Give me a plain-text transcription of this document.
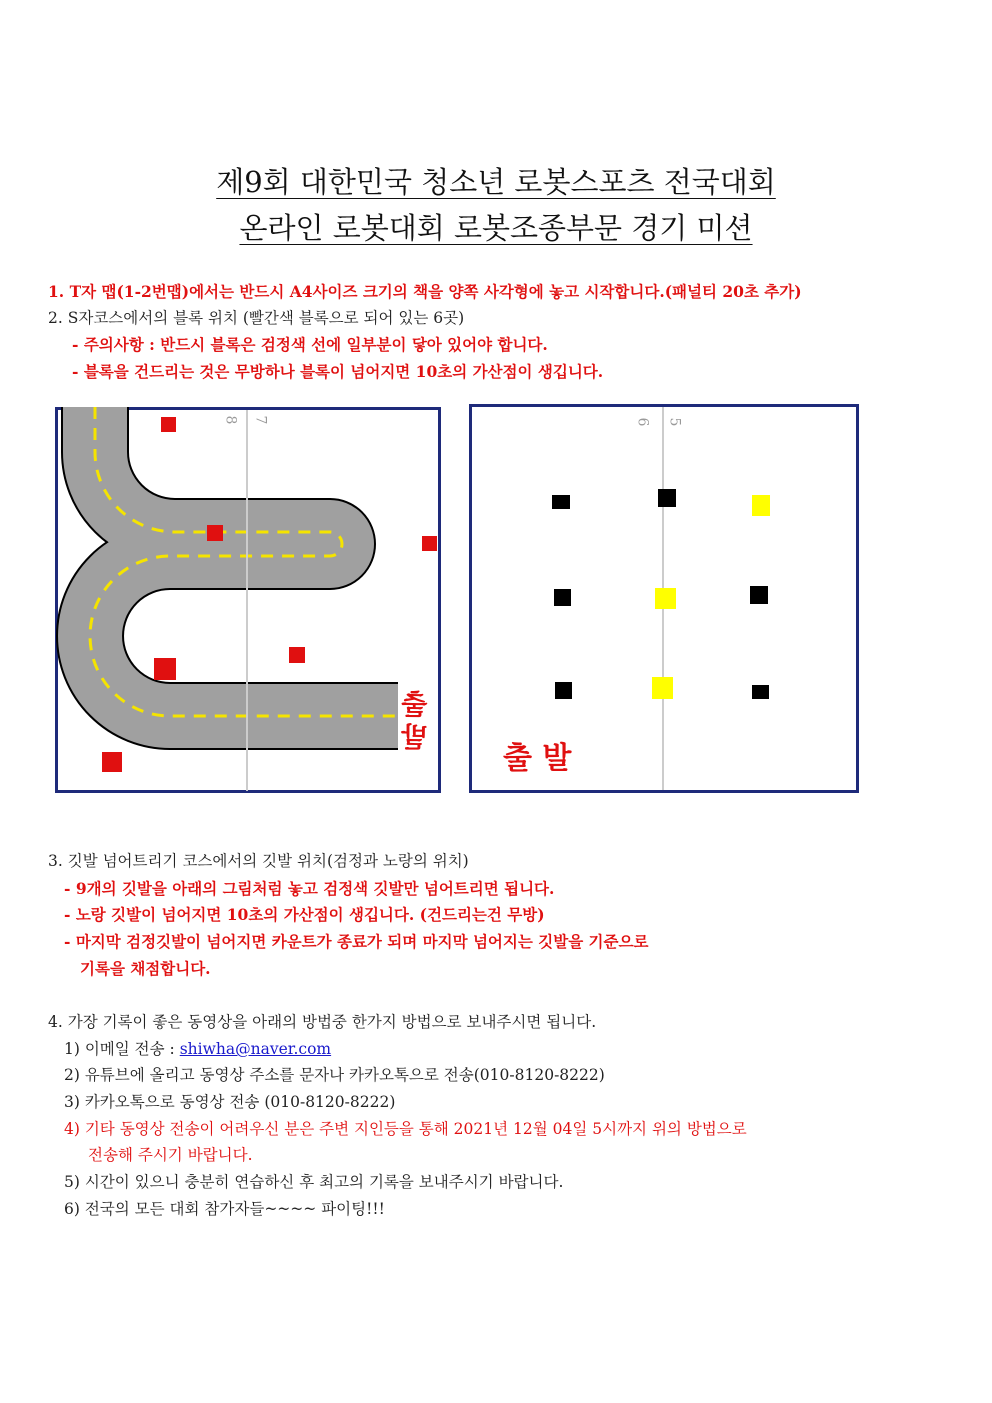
제9회 대한민국 청소년 로봇스포츠 전국대회
온라인 로봇대회 로봇조종부문 경기 미션
1. T자 맵(1-2번맵)에서는 반드시 A4사이즈 크기의 책을 양쪽 사각형에 놓고 시작합니다.(패널티 20초 추가)
2. S자코스에서의 블록 위치 (빨간색 블록으로 되어 있는 6곳)
- 주의사항 : 반드시 블록은 검정색 선에 일부분이 닿아 있어야 합니다.
- 블록을 건드리는 것은 무방하나 블록이 넘어지면 10초의 가산점이 생깁니다.
8 7
출발
6 5
출 발
3. 깃발 넘어트리기 코스에서의 깃발 위치(검정과 노랑의 위치)
- 9개의 깃발을 아래의 그림처럼 놓고 검정색 깃발만 넘어트리면 됩니다.
- 노랑 깃발이 넘어지면 10초의 가산점이 생깁니다. (건드리는건 무방)
- 마지막 검정깃발이 넘어지면 카운트가 종료가 되며 마지막 넘어지는 깃발을 기준으로
기록을 채점합니다.
4. 가장 기록이 좋은 동영상을 아래의 방법중 한가지 방법으로 보내주시면 됩니다.
1) 이메일 전송 : shiwha@naver.com
2) 유튜브에 올리고 동영상 주소를 문자나 카카오톡으로 전송(010-8120-8222)
3) 카카오톡으로 동영상 전송 (010-8120-8222)
4) 기타 동영상 전송이 어려우신 분은 주변 지인등을 통해 2021년 12월 04일 5시까지 위의 방법으로
전송해 주시기 바랍니다.
5) 시간이 있으니 충분히 연습하신 후 최고의 기록을 보내주시기 바랍니다.
6) 전국의 모든 대회 참가자들~~~~ 파이팅!!!
